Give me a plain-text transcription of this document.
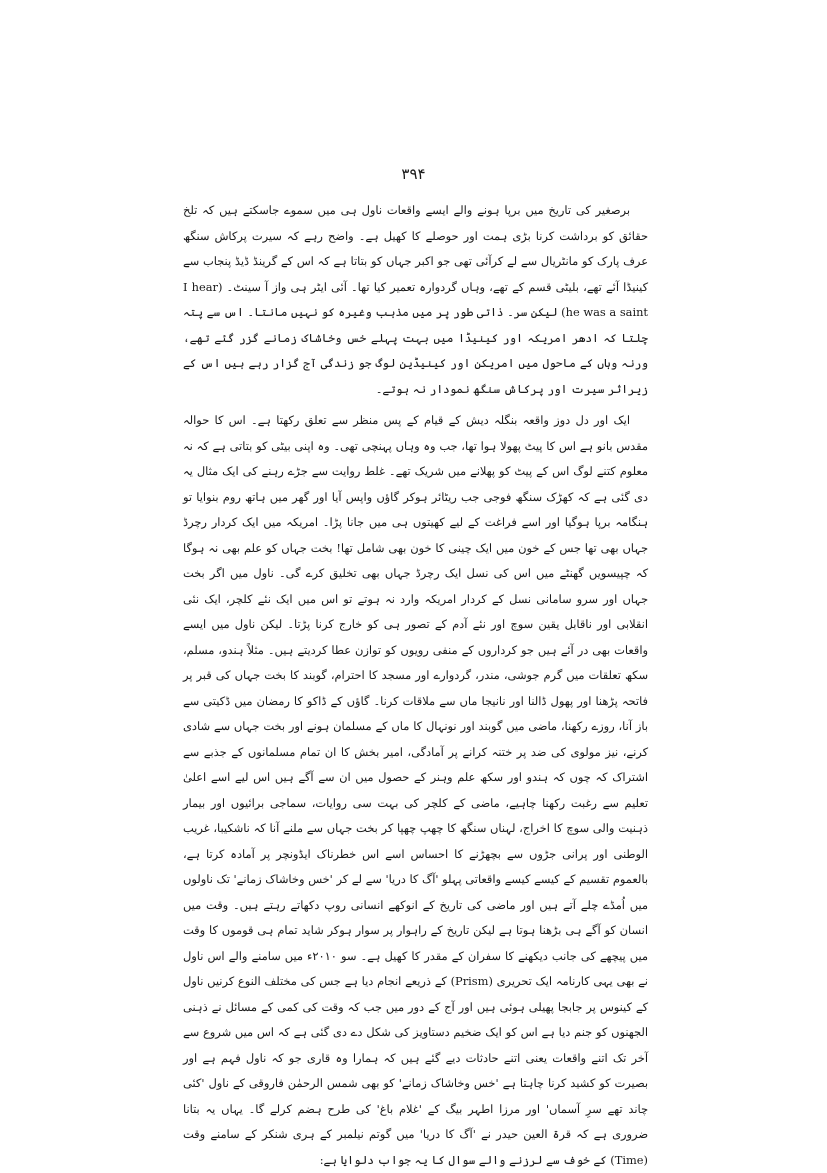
۳۹۴

برصغیر کی تاریخ میں برپا ہونے والے ایسے واقعات ناول ہی میں سموے جاسکتے ہیں کہ تلخ حقائق کو برداشت کرنا بڑی ہمت اور حوصلے کا کھیل ہے۔ واضح رہے کہ سیرت پرکاش سنگھ عرف پارک کو مانٹریال سے لے کرآئی تھی جو اکبر جہاں کو بتاتا ہے کہ اس کے گرینڈ ڈیڈ پنجاب سے کینیڈا آئے تھے، بلیٹی قسم کے تھے، وہاں گردوارہ تعمیر کیا تھا۔ آئی ایٹر ہی واز آ سینٹ۔ (I hear he was a saint) لیکن سر۔ ذاتی طور پر میں مذہب وغیرہ کو نہیں مانتا۔ اس سے پتہ چلتا کہ ادھر امریکہ اور کینیڈا میں بہت پہلے خس وخاشاک زمانے گزر گئے تھے، ورنہ وہاں کے ماحول میں امریکن اور کینیڈین لوگ جو زندگی آج گزار رہے ہیں اس کے زیراثر سیرت اور پرکاش سنگھ نمودار نہ ہوتے۔

ایک اور دل دوز واقعہ بنگلہ دیش کے قیام کے پس منظر سے تعلق رکھتا ہے۔ اس کا حوالہ مقدس بانو ہے اس کا پیٹ پھولا ہوا تھا، جب وہ وہاں پہنچی تھی۔ وہ اپنی بیٹی کو بتاتی ہے کہ نہ معلوم کتنے لوگ اس کے پیٹ کو پھلانے میں شریک تھے۔ غلط روایت سے جڑے رہنے کی ایک مثال یہ دی گئی ہے کہ کھڑک سنگھ فوجی جب ریٹائر ہوکر گاؤں واپس آیا اور گھر میں ہاتھ روم بنوایا تو ہنگامہ برپا ہوگیا اور اسے فراغت کے لیے کھیتوں ہی میں جانا پڑا۔ امریکہ میں ایک کردار رچرڈ جہاں بھی تھا جس کے خون میں ایک چینی کا خون بھی شامل تھا! بخت جہاں کو علم بھی نہ ہوگا کہ چپیسویں گھنٹے میں اس کی نسل ایک رچرڈ جہاں بھی تخلیق کرے گی۔ ناول میں اگر بخت جہاں اور سرو سامانی نسل کے کردار امریکہ وارد نہ ہوتے تو اس میں ایک نئے کلچر، ایک نئی انقلابی اور ناقابل یقین سوچ اور نئے آدم کے تصور ہی کو خارج کرنا پڑتا۔ لیکن ناول میں ایسے واقعات بھی در آئے ہیں جو کرداروں کے منفی رویوں کو توازن عطا کردیتے ہیں۔ مثلاً ہندو، مسلم، سکھ تعلقات میں گرم جوشی، مندر، گردوارے اور مسجد کا احترام، گوبند کا بخت جہاں کی قبر پر فاتحہ پڑھنا اور پھول ڈالنا اور نانیجا ماں سے ملاقات کرنا۔ گاؤں کے ڈاکو کا رمضان میں ڈکیتی سے باز آنا، روزے رکھنا، ماضی میں گوبند اور نونہال کا ماں کے مسلمان ہونے اور بخت جہاں سے شادی کرنے، نیز مولوی کی ضد پر ختنہ کرانے پر آمادگی، امیر بخش کا ان تمام مسلمانوں کے جذبے سے اشتراک کہ چوں کہ ہندو اور سکھ علم وہنر کے حصول میں ان سے آگے ہیں اس لیے اسے اعلیٰ تعلیم سے رغبت رکھنا چاہیے، ماضی کے کلچر کی بہت سی روایات، سماجی برائیوں اور بیمار ذہنیت والی سوچ کا اخراج، لہناں سنگھ کا چھپ چھپا کر بخت جہاں سے ملنے آنا کہ ناشکیبا، غریب الوطنی اور پرانی جڑوں سے بچھڑنے کا احساس اسے اس خطرناک ایڈونچر پر آمادہ کرتا ہے، بالعموم تقسیم کے کیسے کیسے واقعاتی پہلو 'آگ کا دریا' سے لے کر 'خس وخاشاک زمانے' تک ناولوں میں اُمڈے چلے آتے ہیں اور ماضی کی تاریخ کے انوکھے انسانی روپ دکھاتے رہتے ہیں۔ وقت میں انسان کو آگے ہی بڑھنا ہوتا ہے لیکن تاریخ کے راہوار پر سوار ہوکر شاید تمام ہی قوموں کا وقت میں پیچھے کی جانب دیکھنے کا سفران کے مقدر کا کھیل ہے۔ سو ۲۰۱۰ء میں سامنے والے اس ناول نے بھی یہی کارنامہ ایک تحریری (Prism) کے ذریعے انجام دیا ہے جس کی مختلف النوع کرنیں ناول کے کینوس پر جابجا پھیلی ہوئی ہیں اور آج کے دور میں جب کہ وقت کی کمی کے مسائل نے ذہنی الجھنوں کو جنم دیا ہے اس کو ایک ضخیم دستاویز کی شکل دے دی گئی ہے کہ اس میں شروع سے آخر تک اتنے واقعات یعنی اتنے حادثات دیے گئے ہیں کہ ہمارا وہ قاری جو کہ ناول فہم ہے اور بصیرت کو کشید کرنا چاہتا ہے 'خس وخاشاک زمانے' کو بھی شمس الرحمٰن فاروقی کے ناول 'کئی چاند تھے سرِ آسماں' اور مرزا اطہر بیگ کے 'غلام باغ' کی طرح ہضم کرلے گا۔ یہاں یہ بتانا ضروری ہے کہ قرۃ العین حیدر نے 'آگ کا دریا' میں گوتم نیلمبر کے ہری شنکر کے سامنے وقت (Time) کے خوف سے لرزنے والے سوال کا یہ جواب دلوایا ہے:
